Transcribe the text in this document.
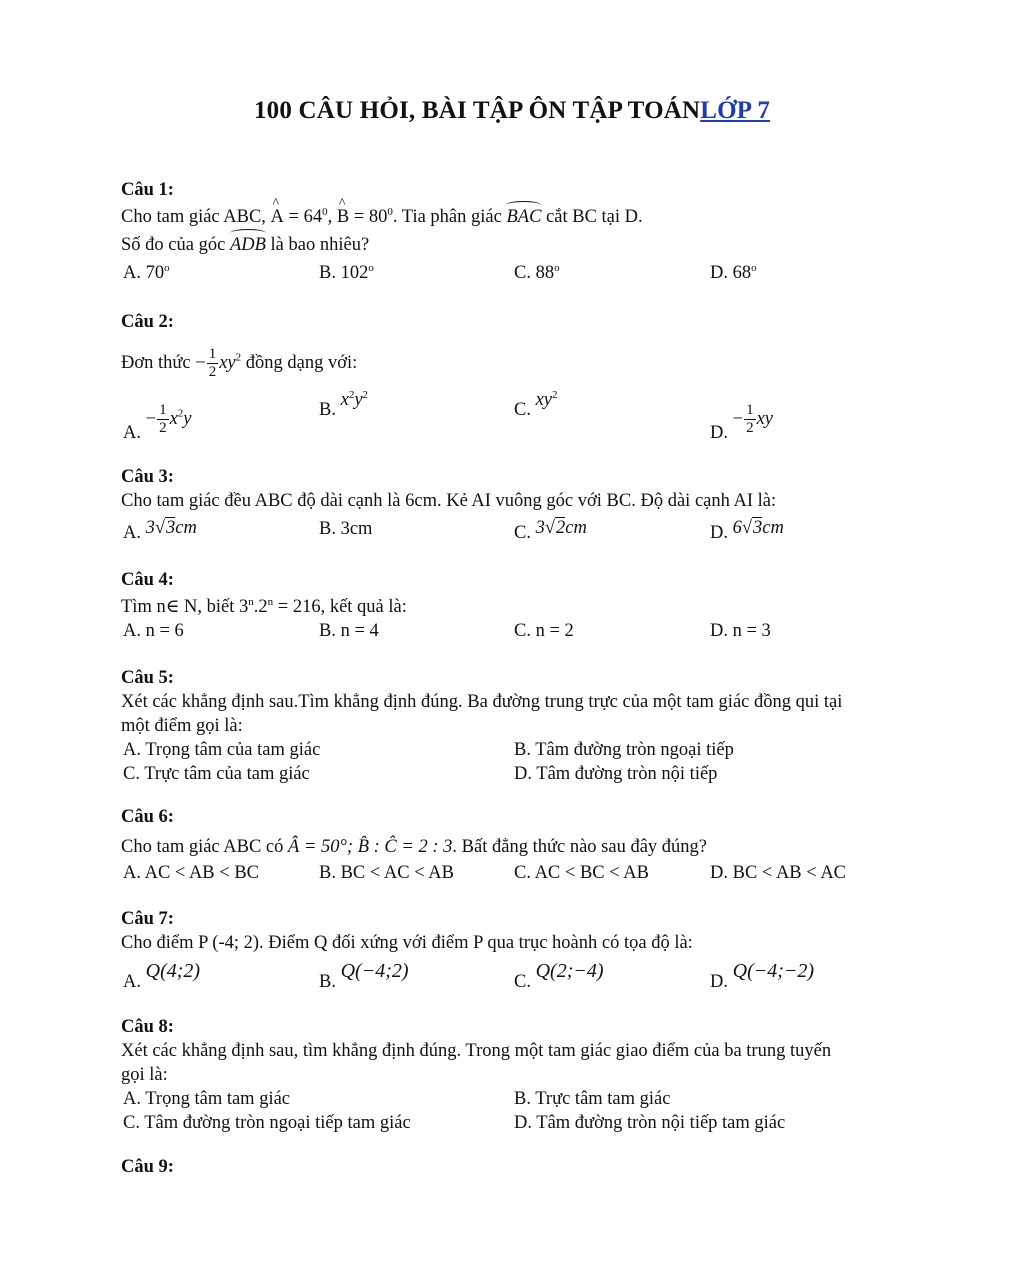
100 CÂU HỎI, BÀI TẬP ÔN TẬP TOÁNLỚP 7
Câu 1:
Cho tam giác ABC, ^ $A = 64^0$, ^ $B = 80^0$. Tia phân giác BAC cắt BC tại D.
Số đo của góc ADB là bao nhiêu?
A. 70$^o$	B. 102$^o$	C. 88$^o$	D. 68$^o$
Câu 2:
Đơn thức − $\frac{1}{2} xy^2$ đồng dạng với:
A. − $\frac{1}{2} x^2y$	B. $x^2y^2$
C. $xy^2$
D. − $\frac{1}{2}$ xy
Câu 3:
Cho tam giác đều ABC độ dài cạnh là 6cm. Kẻ AI vuông góc với BC. Độ dài cạnh AI là:
A. 3√3cm	B. 3cm	C. 3√2cm	D. 6√3cm
Câu 4:
Tìm n∈ N, biết $3^n.2^n = 216$, kết quả là:
A. n = 6	B. n = 4	C. n = 2	D. n = 3
Câu 5:
Xét các khẳng định sau.Tìm khẳng định đúng. Ba đường trung trực của một tam giác đồng qui tại
một điểm gọi là:
A. Trọng tâm của tam giác	B. Tâm đường tròn ngoại tiếp
C. Trực tâm của tam giác	D. Tâm đường tròn nội tiếp
Câu 6:
Cho tam giác ABC có Â = 50°; B̂ : Ĉ = 2 : 3. Bất đẳng thức nào sau đây đúng?
A. AC < AB < BC	B. BC < AC < AB	C. AC < BC < AB	D. BC < AB < AC
Câu 7:
Cho điểm P (-4; 2). Điểm Q đối xứng với điểm P qua trục hoành có tọa độ là:
A. Q(4;2)	B. Q(−4;2)	C. Q(2;−4)	D. Q(−4;−2)
Câu 8:
Xét các khẳng định sau, tìm khẳng định đúng. Trong một tam giác giao điểm của ba trung tuyến
gọi là:
A. Trọng tâm tam giác	B. Trực tâm tam giác
C. Tâm đường tròn ngoại tiếp tam giác	D. Tâm đường tròn nội tiếp tam giác
Câu 9:
